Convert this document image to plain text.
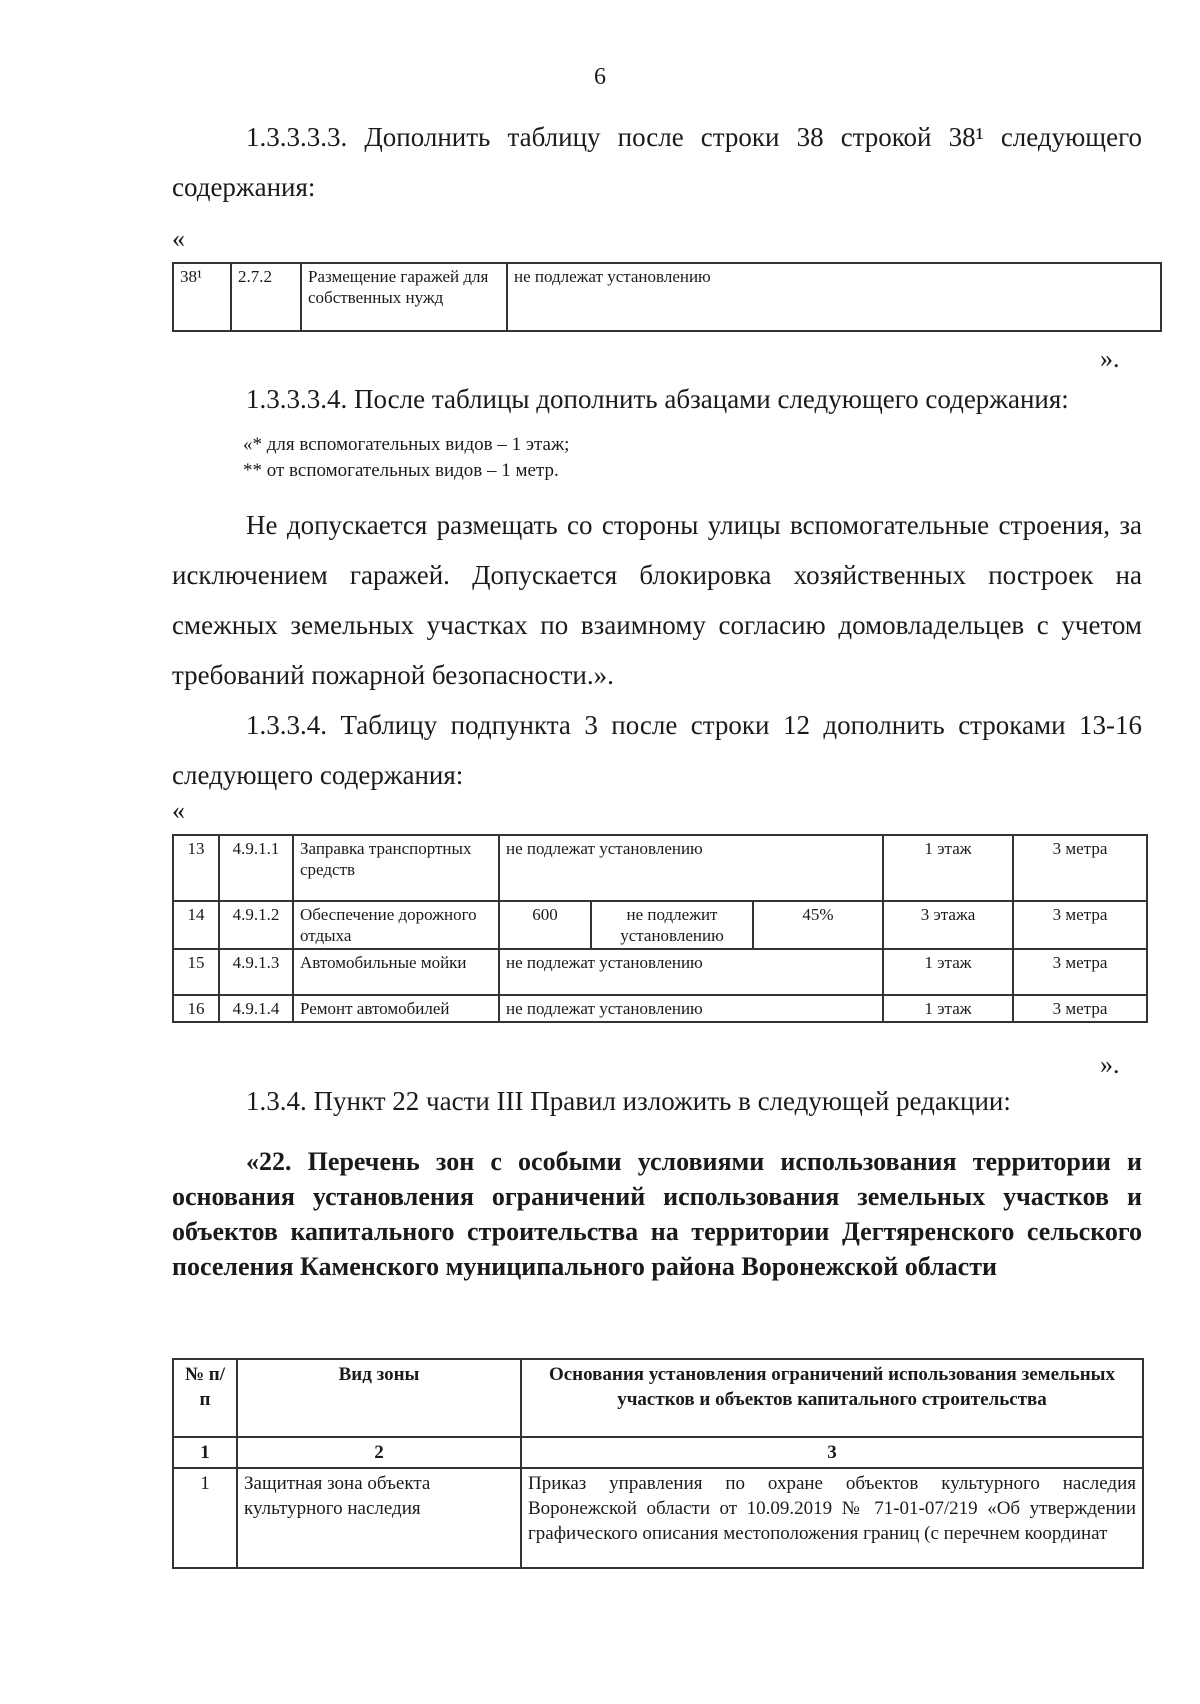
6
1.3.3.3.3. Дополнить таблицу после строки 38 строкой 38¹ следующего содержания:
«
38¹	2.7.2	Размещение гаражей для собственных нужд	не подлежат установлению
».
1.3.3.3.4. После таблицы дополнить абзацами следующего содержания:
«* для вспомогательных видов – 1 этаж;
** от вспомогательных видов – 1 метр.
Не допускается размещать со стороны улицы вспомогательные строения, за исключением гаражей. Допускается блокировка хозяйственных построек на смежных земельных участках по взаимному согласию домовладельцев с учетом требований пожарной безопасности.».
1.3.3.4. Таблицу подпункта 3 после строки 12 дополнить строками 13-16 следующего содержания:
«
13	4.9.1.1	Заправка транспортных средств	не подлежат установлению			1 этаж	3 метра
14	4.9.1.2	Обеспечение дорожного отдыха	600	не подлежит установлению	45%	3 этажа	3 метра
15	4.9.1.3	Автомобильные мойки	не подлежат установлению			1 этаж	3 метра
16	4.9.1.4	Ремонт автомобилей	не подлежат установлению			1 этаж	3 метра
».
1.3.4. Пункт 22 части III Правил изложить в следующей редакции:
«22. Перечень зон с особыми условиями использования территории и основания установления ограничений использования земельных участков и объектов капитального строительства на территории Дегтяренского сельского поселения Каменского муниципального района Воронежской области
№ п/п	Вид зоны	Основания установления ограничений использования земельных участков и объектов капитального строительства
1	2	3
1	Защитная зона объекта культурного наследия	Приказ управления по охране объектов культурного наследия Воронежской области от 10.09.2019 № 71-01-07/219 «Об утверждении графического описания местоположения границ (с перечнем координат
